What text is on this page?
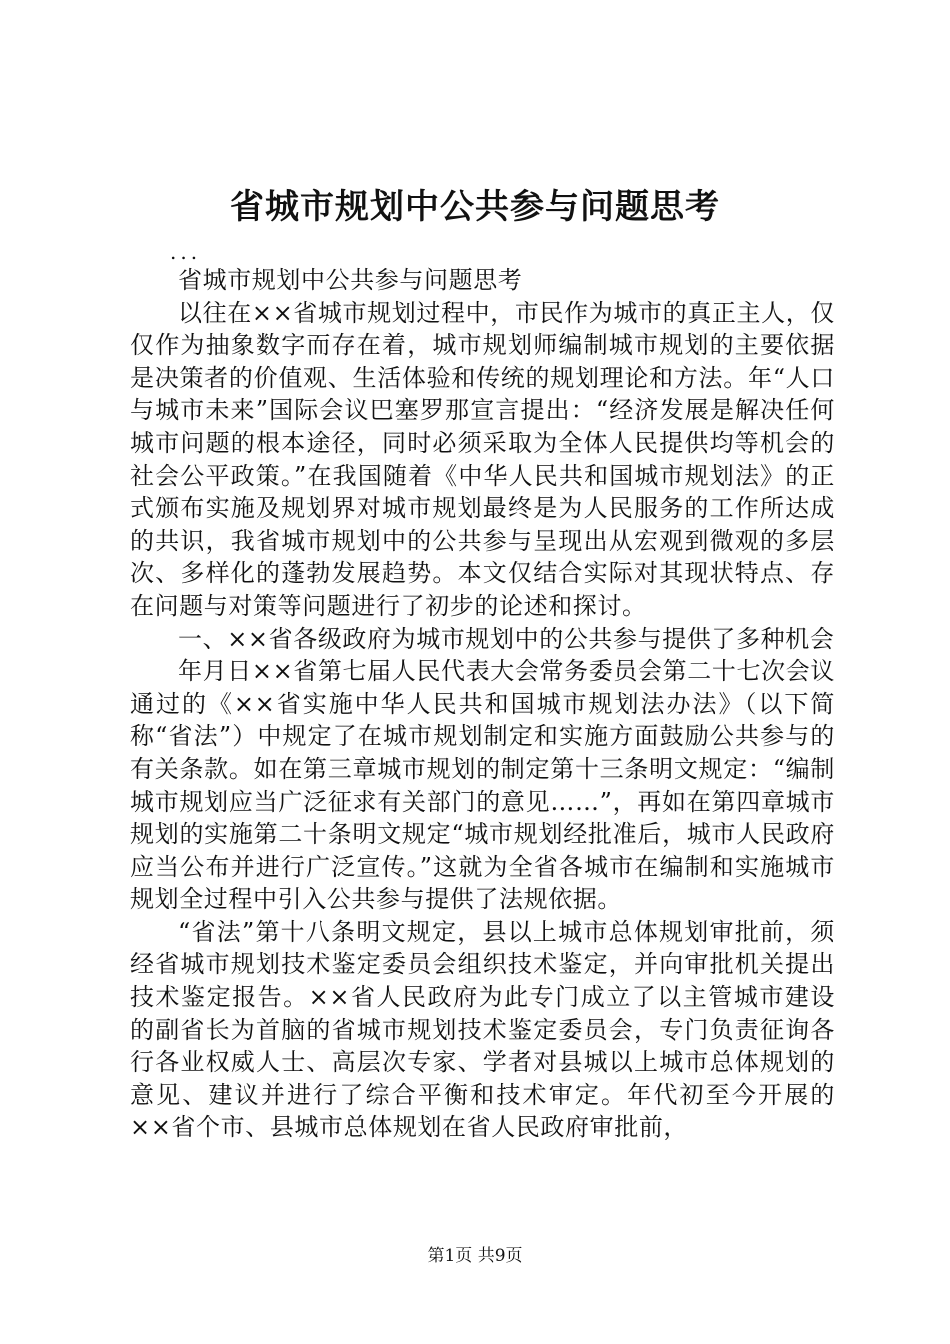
省城市规划中公共参与问题思考

...

省城市规划中公共参与问题思考

以往在××省城市规划过程中，市民作为城市的真正主人，仅仅作为抽象数字而存在着，城市规划师编制城市规划的主要依据是决策者的价值观、生活体验和传统的规划理论和方法。年“人口与城市未来”国际会议巴塞罗那宣言提出：“经济发展是解决任何城市问题的根本途径，同时必须采取为全体人民提供均等机会的社会公平政策。”在我国随着《中华人民共和国城市规划法》的正式颁布实施及规划界对城市规划最终是为人民服务的工作所达成的共识，我省城市规划中的公共参与呈现出从宏观到微观的多层次、多样化的蓬勃发展趋势。本文仅结合实际对其现状特点、存在问题与对策等问题进行了初步的论述和探讨。

一、××省各级政府为城市规划中的公共参与提供了多种机会

年月日××省第七届人民代表大会常务委员会第二十七次会议通过的《××省实施中华人民共和国城市规划法办法》（以下简称“省法”）中规定了在城市规划制定和实施方面鼓励公共参与的有关条款。如在第三章城市规划的制定第十三条明文规定：“编制城市规划应当广泛征求有关部门的意见……”，再如在第四章城市规划的实施第二十条明文规定“城市规划经批准后，城市人民政府应当公布并进行广泛宣传。”这就为全省各城市在编制和实施城市规划全过程中引入公共参与提供了法规依据。

“省法”第十八条明文规定，县以上城市总体规划审批前，须经省城市规划技术鉴定委员会组织技术鉴定，并向审批机关提出技术鉴定报告。××省人民政府为此专门成立了以主管城市建设的副省长为首脑的省城市规划技术鉴定委员会，专门负责征询各行各业权威人士、高层次专家、学者对县城以上城市总体规划的意见、建议并进行了综合平衡和技术审定。年代初至今开展的××省个市、县城市总体规划在省人民政府审批前，

第1页 共9页
